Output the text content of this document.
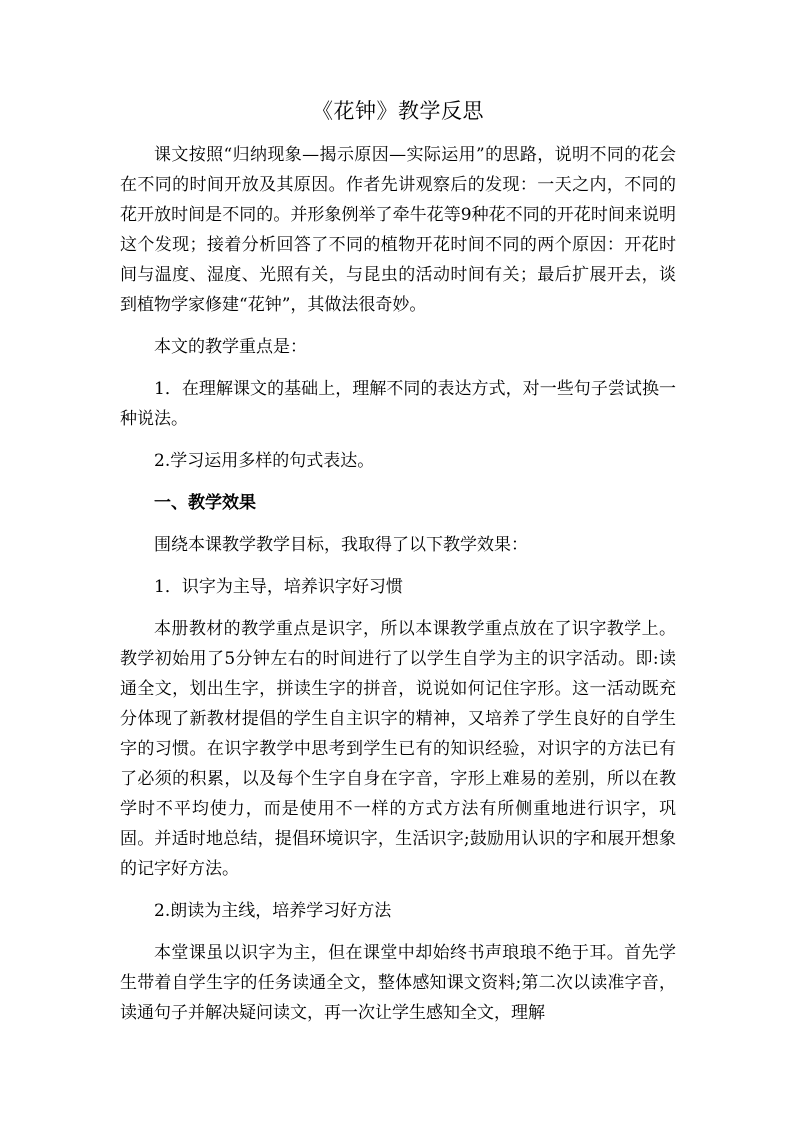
《花钟》教学反思

课文按照“归纳现象—揭示原因—实际运用”的思路，说明不同的花会在不同的时间开放及其原因。作者先讲观察后的发现：一天之内，不同的花开放时间是不同的。并形象例举了牵牛花等9种花不同的开花时间来说明这个发现；接着分析回答了不同的植物开花时间不同的两个原因：开花时间与温度、湿度、光照有关，与昆虫的活动时间有关；最后扩展开去，谈到植物学家修建“花钟”，其做法很奇妙。

本文的教学重点是：

1．在理解课文的基础上，理解不同的表达方式，对一些句子尝试换一种说法。

2.学习运用多样的句式表达。

一、教学效果

围绕本课教学教学目标，我取得了以下教学效果：

1．识字为主导，培养识字好习惯

本册教材的教学重点是识字，所以本课教学重点放在了识字教学上。教学初始用了5分钟左右的时间进行了以学生自学为主的识字活动。即:读通全文，划出生字，拼读生字的拼音，说说如何记住字形。这一活动既充分体现了新教材提倡的学生自主识字的精神，又培养了学生良好的自学生字的习惯。在识字教学中思考到学生已有的知识经验，对识字的方法已有了必须的积累，以及每个生字自身在字音，字形上难易的差别，所以在教学时不平均使力，而是使用不一样的方式方法有所侧重地进行识字，巩固。并适时地总结，提倡环境识字，生活识字;鼓励用认识的字和展开想象的记字好方法。

2.朗读为主线，培养学习好方法

本堂课虽以识字为主，但在课堂中却始终书声琅琅不绝于耳。首先学生带着自学生字的任务读通全文，整体感知课文资料;第二次以读准字音，读通句子并解决疑问读文，再一次让学生感知全文，理解
